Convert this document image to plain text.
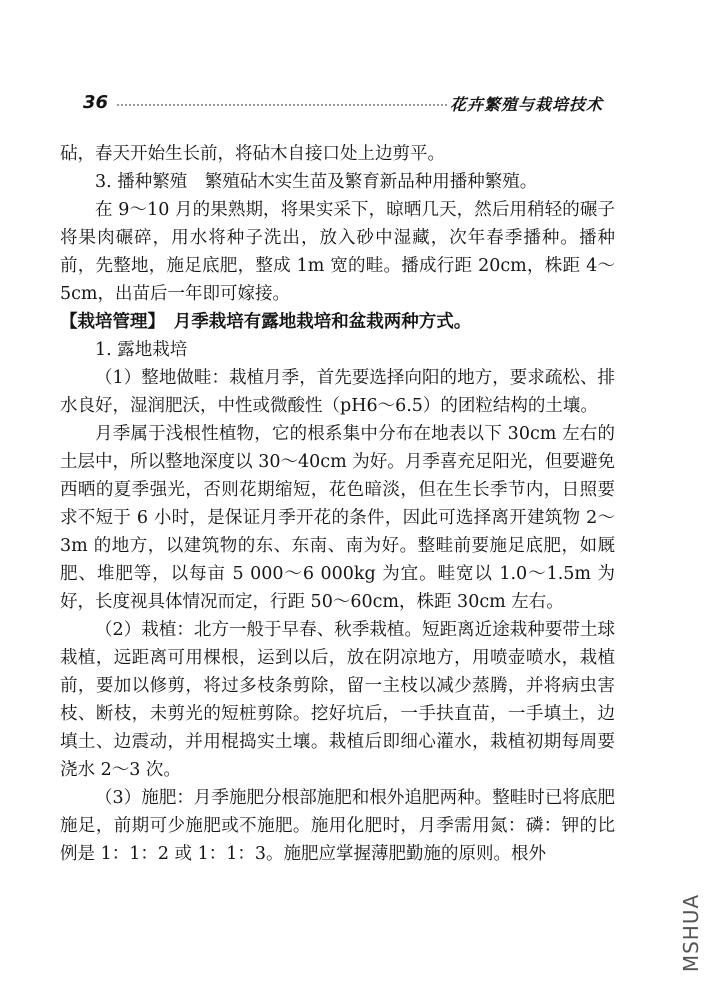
36	花卉繁殖与栽培技术

砧，春天开始生长前，将砧木自接口处上边剪平。

3. 播种繁殖　繁殖砧木实生苗及繁育新品种用播种繁殖。

在 9～10 月的果熟期，将果实采下，晾晒几天，然后用稍轻的碾子将果肉碾碎，用水将种子洗出，放入砂中湿藏，次年春季播种。播种前，先整地，施足底肥，整成 1m 宽的畦。播成行距 20cm，株距 4～5cm，出苗后一年即可嫁接。

【栽培管理】　月季栽培有露地栽培和盆栽两种方式。

1. 露地栽培

（1）整地做畦：栽植月季，首先要选择向阳的地方，要求疏松、排水良好，湿润肥沃，中性或微酸性（pH6～6.5）的团粒结构的土壤。

月季属于浅根性植物，它的根系集中分布在地表以下 30cm 左右的土层中，所以整地深度以 30～40cm 为好。月季喜充足阳光，但要避免西晒的夏季强光，否则花期缩短，花色暗淡，但在生长季节内，日照要求不短于 6 小时，是保证月季开花的条件，因此可选择离开建筑物 2～3m 的地方，以建筑物的东、东南、南为好。整畦前要施足底肥，如厩肥、堆肥等，以每亩 5 000～6 000kg 为宜。畦宽以 1.0～1.5m 为好，长度视具体情况而定，行距 50～60cm，株距 30cm 左右。

（2）栽植：北方一般于早春、秋季栽植。短距离近途栽种要带土球栽植，远距离可用棵根，运到以后，放在阴凉地方，用喷壶喷水，栽植前，要加以修剪，将过多枝条剪除，留一主枝以减少蒸腾，并将病虫害枝、断枝，未剪光的短桩剪除。挖好坑后，一手扶直苗，一手填土，边填土、边震动，并用棍捣实土壤。栽植后即细心灌水，栽植初期每周要浇水 2～3 次。

（3）施肥：月季施肥分根部施肥和根外追肥两种。整畦时已将底肥施足，前期可少施肥或不施肥。施用化肥时，月季需用氮：磷：钾的比例是 1：1：2 或 1：1：3。施肥应掌握薄肥勤施的原则。根外

MSHUA
